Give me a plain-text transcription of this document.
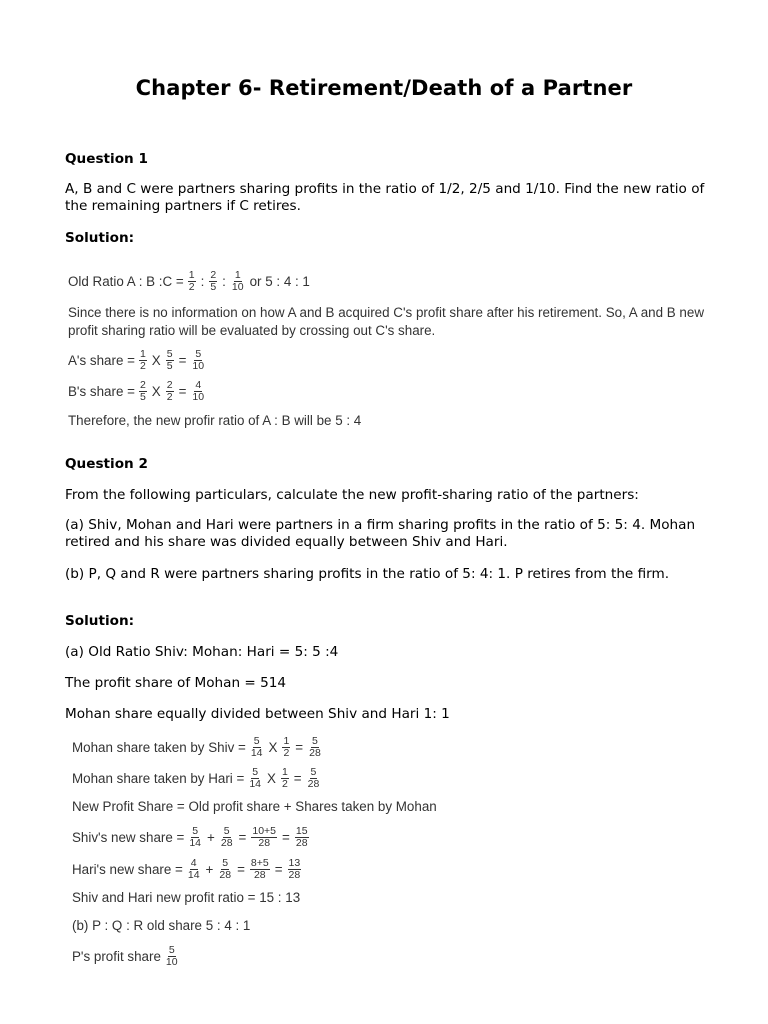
Chapter 6- Retirement/Death of a Partner
Question 1
A, B and C were partners sharing profits in the ratio of 1/2, 2/5 and 1/10. Find the new ratio of the remaining partners if C retires.
Solution:
Old Ratio A : B :C = $\frac{1}{2}$ : $\frac{2}{5}$ : $\frac{1}{10}$ or 5 : 4 : 1
Since there is no information on how A and B acquired C's profit share after his retirement. So, A and B new profit sharing ratio will be evaluated by crossing out C's share.
A's share = $\frac{1}{2}$ X $\frac{5}{5} = \frac{5}{10}$
B's share = $\frac{2}{5}$ X $\frac{2}{2} = \frac{4}{10}$
Therefore, the new profir ratio of A : B will be 5 : 4
Question 2
From the following particulars, calculate the new profit-sharing ratio of the partners:
(a) Shiv, Mohan and Hari were partners in a firm sharing profits in the ratio of 5: 5: 4. Mohan retired and his share was divided equally between Shiv and Hari.
(b) P, Q and R were partners sharing profits in the ratio of 5: 4: 1. P retires from the firm.
Solution:
(a) Old Ratio Shiv: Mohan: Hari = 5: 5 :4
The profit share of Mohan = 514
Mohan share equally divided between Shiv and Hari 1: 1
Mohan share taken by Shiv = $\frac{5}{14}$ X $\frac{1}{2} = \frac{5}{28}$
Mohan share taken by Hari = $\frac{5}{14}$ X $\frac{1}{2} = \frac{5}{28}$
New Profit Share = Old profit share + Shares taken by Mohan
Shiv's new share = $\frac{5}{14} + \frac{5}{28} = \frac{10+5}{28} = \frac{15}{28}$
Hari's new share = $\frac{4}{14} + \frac{5}{28} = \frac{8+5}{28} = \frac{13}{28}$
Shiv and Hari new profit ratio = 15 : 13
(b) P : Q : R old share 5 : 4 : 1
P's profit share $\frac{5}{10}$
